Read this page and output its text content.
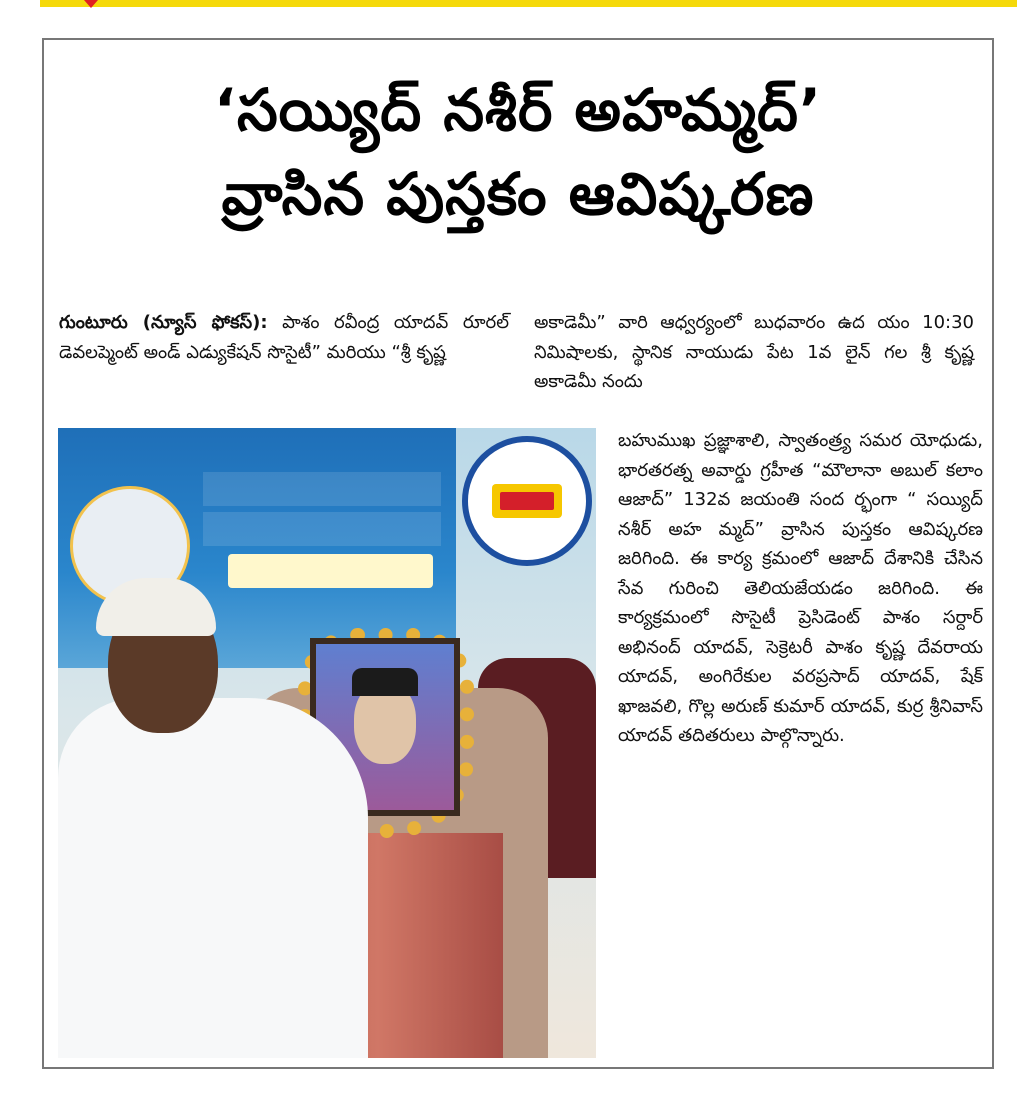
‘సయ్యిద్ నశీర్ అహమ్మద్’
వ్రాసిన పుస్తకం ఆవిష్కరణ
గుంటూరు (న్యూస్ ఫోకస్): పాశం రవీంద్ర యాదవ్ రూరల్ డెవలప్మెంట్ అండ్ ఎడ్యుకేషన్ సొసైటీ” మరియు “శ్రీ కృష్ణ
అకాడెమీ” వారి ఆధ్వర్యంలో బుధవారం ఉద యం 10:30 నిమిషాలకు, స్థానిక నాయుడు పేట 1వ లైన్ గల శ్రీ కృష్ణ అకాడెమీ నందు
బహుముఖ ప్రజ్ఞాశాలి, స్వాతంత్ర్య సమర యోధుడు, భారతరత్న అవార్డు గ్రహీత “మౌలానా అబుల్ కలాం ఆజాద్” 132వ జయంతి సంద ర్భంగా “ సయ్యిద్ నశీర్ అహ మ్మద్” వ్రాసిన పుస్తకం ఆవిష్కరణ జరిగింది. ఈ కార్య క్రమంలో ఆజాద్ దేశానికి చేసిన సేవ గురించి తెలియజేయడం జరిగింది. ఈ కార్యక్రమంలో సొసైటీ ప్రెసిడెంట్ పాశం సర్దార్ అభినంద్ యాదవ్, సెక్రెటరీ పాశం కృష్ణ దేవరాయ యాదవ్, అంగిరేకుల వరప్రసాద్ యాదవ్, షేక్ ఖాజవలి, గొల్ల అరుణ్ కుమార్ యాదవ్, కుర్ర శ్రీనివాస్ యాదవ్ తదితరులు పాల్గొన్నారు.
